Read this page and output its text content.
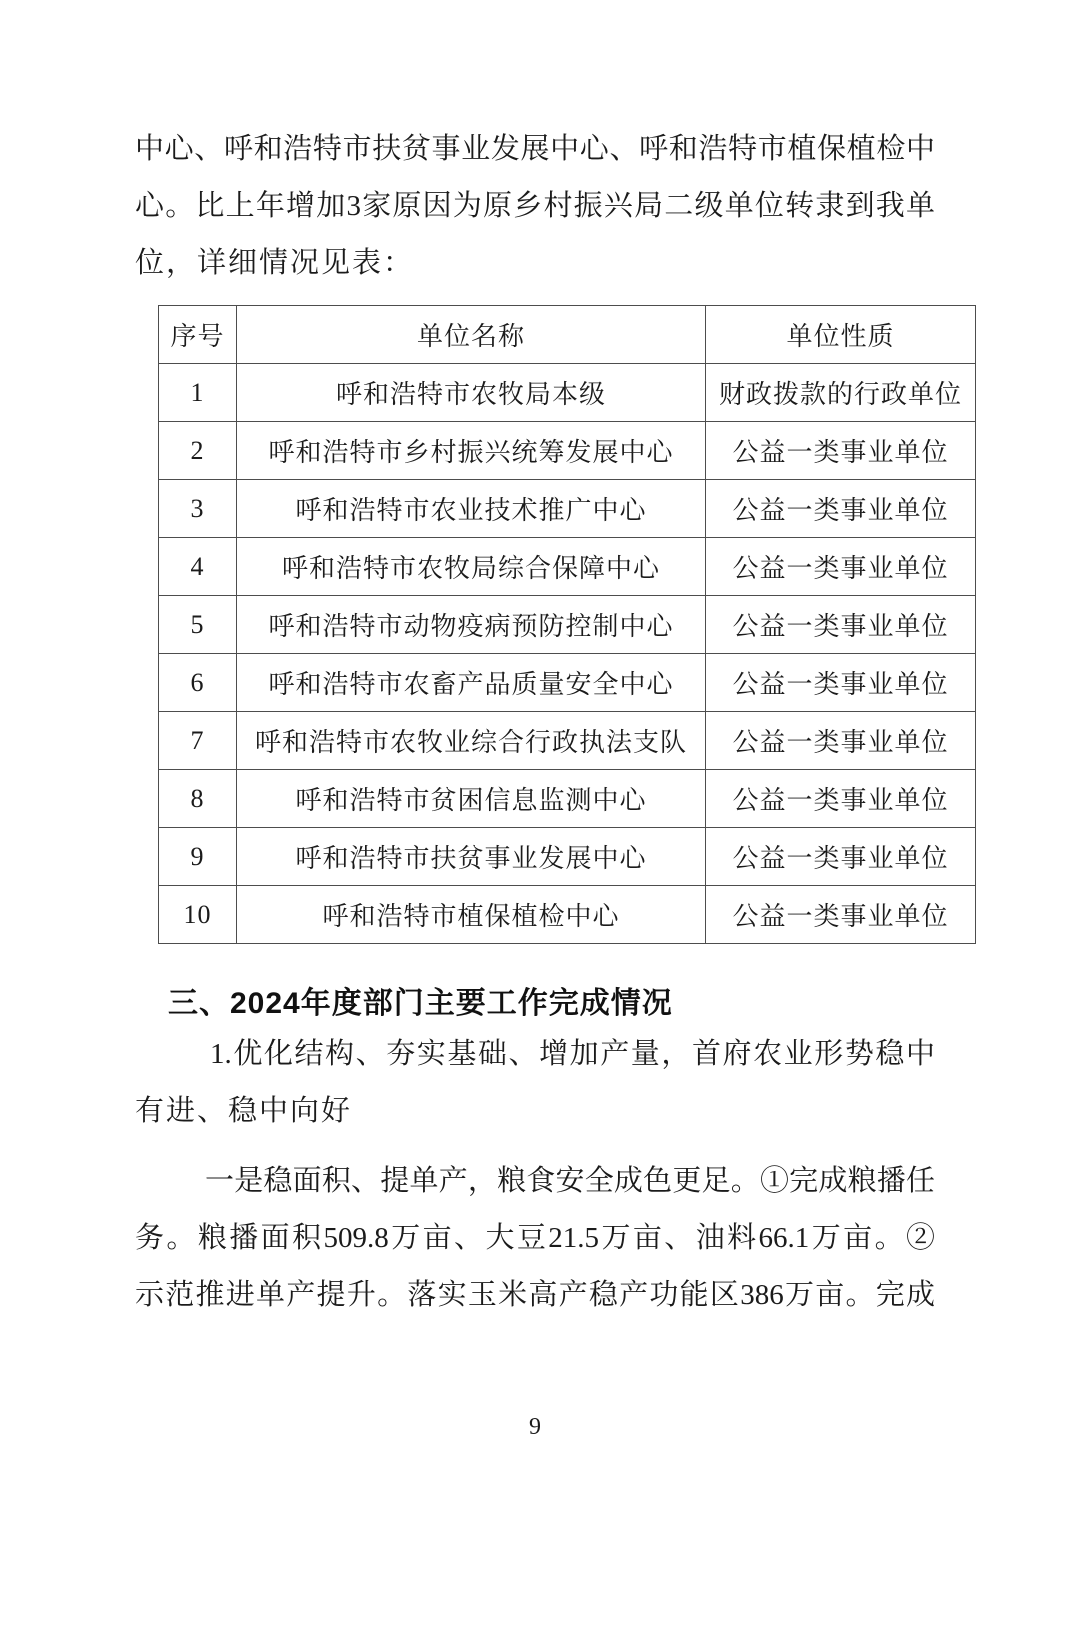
中心、呼和浩特市扶贫事业发展中心、呼和浩特市植保植检中
心。比上年增加3家原因为原乡村振兴局二级单位转隶到我单
位，详细情况见表：
序号	单位名称	单位性质
1	呼和浩特市农牧局本级	财政拨款的行政单位
2	呼和浩特市乡村振兴统筹发展中心	公益一类事业单位
3	呼和浩特市农业技术推广中心	公益一类事业单位
4	呼和浩特市农牧局综合保障中心	公益一类事业单位
5	呼和浩特市动物疫病预防控制中心	公益一类事业单位
6	呼和浩特市农畜产品质量安全中心	公益一类事业单位
7	呼和浩特市农牧业综合行政执法支队	公益一类事业单位
8	呼和浩特市贫困信息监测中心	公益一类事业单位
9	呼和浩特市扶贫事业发展中心	公益一类事业单位
10	呼和浩特市植保植检中心	公益一类事业单位
三、2024年度部门主要工作完成情况
1.优化结构、夯实基础、增加产量，首府农业形势稳中
有进、稳中向好
一是稳面积、提单产，粮食安全成色更足。①完成粮播任
务。粮播面积509.8万亩、大豆21.5万亩、油料66.1万亩。②
示范推进单产提升。落实玉米高产稳产功能区386万亩。完成
9
